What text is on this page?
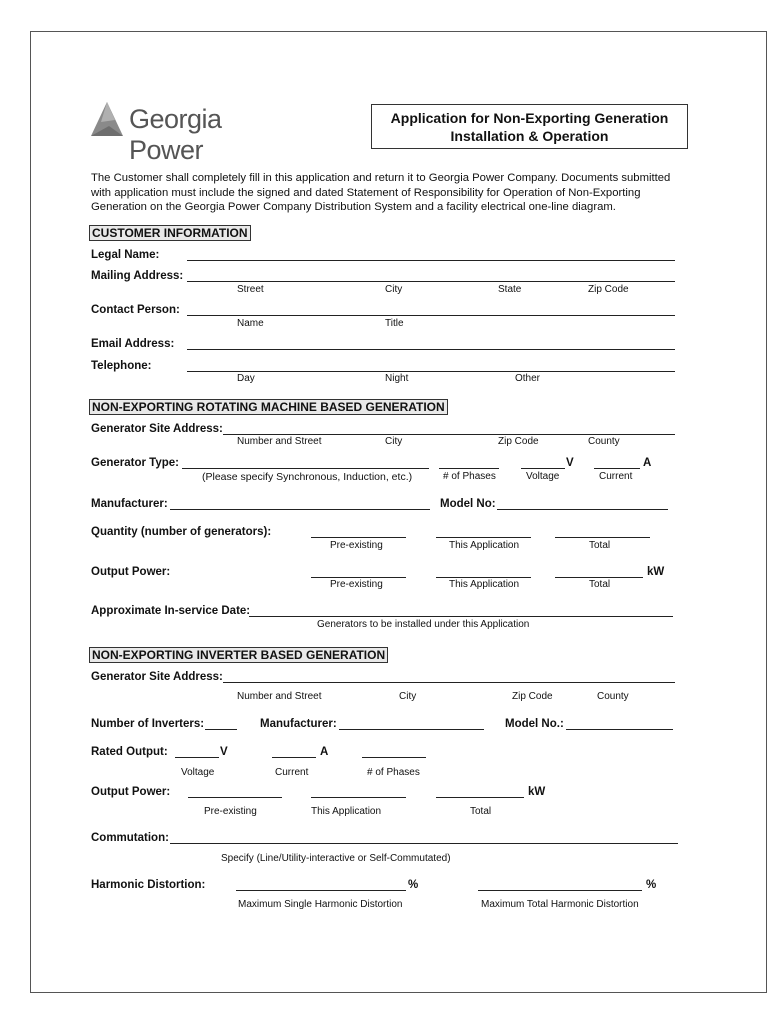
Georgia Power
Application for Non-Exporting Generation
Installation & Operation
The Customer shall completely fill in this application and return it to Georgia Power Company. Documents submitted with application must include the signed and dated Statement of Responsibility for Operation of Non-Exporting Generation on the Georgia Power Company Distribution System and a facility electrical one-line diagram.
CUSTOMER INFORMATION
Legal Name:
Mailing Address:
Street	City	State	Zip Code
Contact Person:
Name	Title
Email Address:
Telephone:
Day	Night	Other
NON-EXPORTING ROTATING MACHINE BASED GENERATION
Generator Site Address:
Number and Street	City	Zip Code	County
Generator Type:	V	A
(Please specify Synchronous, Induction, etc.)	# of Phases	Voltage	Current
Manufacturer:	Model No:
Quantity (number of generators):
Pre-existing	This Application	Total
Output Power:	kW
Pre-existing	This Application	Total
Approximate In-service Date:
Generators to be installed under this Application
NON-EXPORTING INVERTER BASED GENERATION
Generator Site Address:
Number and Street	City	Zip Code	County
Number of Inverters:	Manufacturer:	Model No.:
Rated Output:	V	A
Voltage	Current	# of Phases
Output Power:	kW
Pre-existing	This Application	Total
Commutation:
Specify (Line/Utility-interactive or Self-Commutated)
Harmonic Distortion:	%	%
Maximum Single Harmonic Distortion	Maximum Total Harmonic Distortion
